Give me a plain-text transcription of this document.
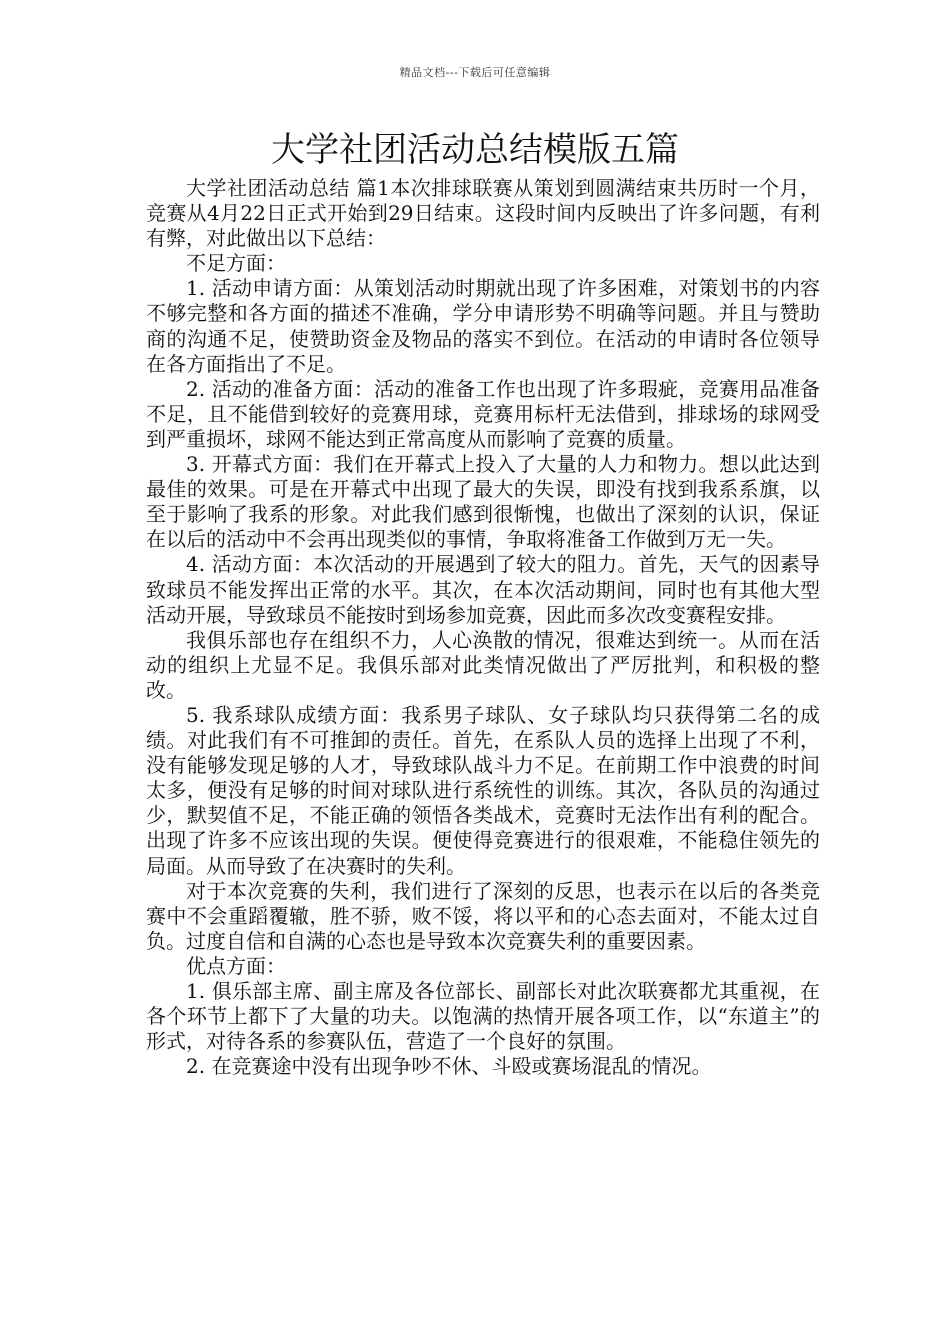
精品文档---下载后可任意编辑
大学社团活动总结模版五篇

大学社团活动总结 篇1本次排球联赛从策划到圆满结束共历时一个月，竞赛从4月22日正式开始到29日结束。这段时间内反映出了许多问题，有利有弊，对此做出以下总结：

不足方面：

1. 活动申请方面：从策划活动时期就出现了许多困难，对策划书的内容不够完整和各方面的描述不准确，学分申请形势不明确等问题。并且与赞助商的沟通不足，使赞助资金及物品的落实不到位。在活动的申请时各位领导在各方面指出了不足。

2. 活动的准备方面：活动的准备工作也出现了许多瑕疵，竞赛用品准备不足，且不能借到较好的竞赛用球，竞赛用标杆无法借到，排球场的球网受到严重损坏，球网不能达到正常高度从而影响了竞赛的质量。

3. 开幕式方面：我们在开幕式上投入了大量的人力和物力。想以此达到最佳的效果。可是在开幕式中出现了最大的失误，即没有找到我系系旗，以至于影响了我系的形象。对此我们感到很惭愧，也做出了深刻的认识，保证在以后的活动中不会再出现类似的事情，争取将准备工作做到万无一失。

4. 活动方面：本次活动的开展遇到了较大的阻力。首先，天气的因素导致球员不能发挥出正常的水平。其次，在本次活动期间，同时也有其他大型活动开展，导致球员不能按时到场参加竞赛，因此而多次改变赛程安排。

我俱乐部也存在组织不力，人心涣散的情况，很难达到统一。从而在活动的组织上尤显不足。我俱乐部对此类情况做出了严厉批判，和积极的整改。

5. 我系球队成绩方面：我系男子球队、女子球队均只获得第二名的成绩。对此我们有不可推卸的责任。首先，在系队人员的选择上出现了不利，没有能够发现足够的人才，导致球队战斗力不足。在前期工作中浪费的时间太多，便没有足够的时间对球队进行系统性的训练。其次，各队员的沟通过少，默契值不足，不能正确的领悟各类战术，竞赛时无法作出有利的配合。出现了许多不应该出现的失误。便使得竞赛进行的很艰难，不能稳住领先的局面。从而导致了在决赛时的失利。

对于本次竞赛的失利，我们进行了深刻的反思，也表示在以后的各类竞赛中不会重蹈覆辙，胜不骄，败不馁，将以平和的心态去面对，不能太过自负。过度自信和自满的心态也是导致本次竞赛失利的重要因素。

优点方面：

1. 俱乐部主席、副主席及各位部长、副部长对此次联赛都尤其重视，在各个环节上都下了大量的功夫。以饱满的热情开展各项工作，以“东道主”的形式，对待各系的参赛队伍，营造了一个良好的氛围。

2. 在竞赛途中没有出现争吵不休、斗殴或赛场混乱的情况。
